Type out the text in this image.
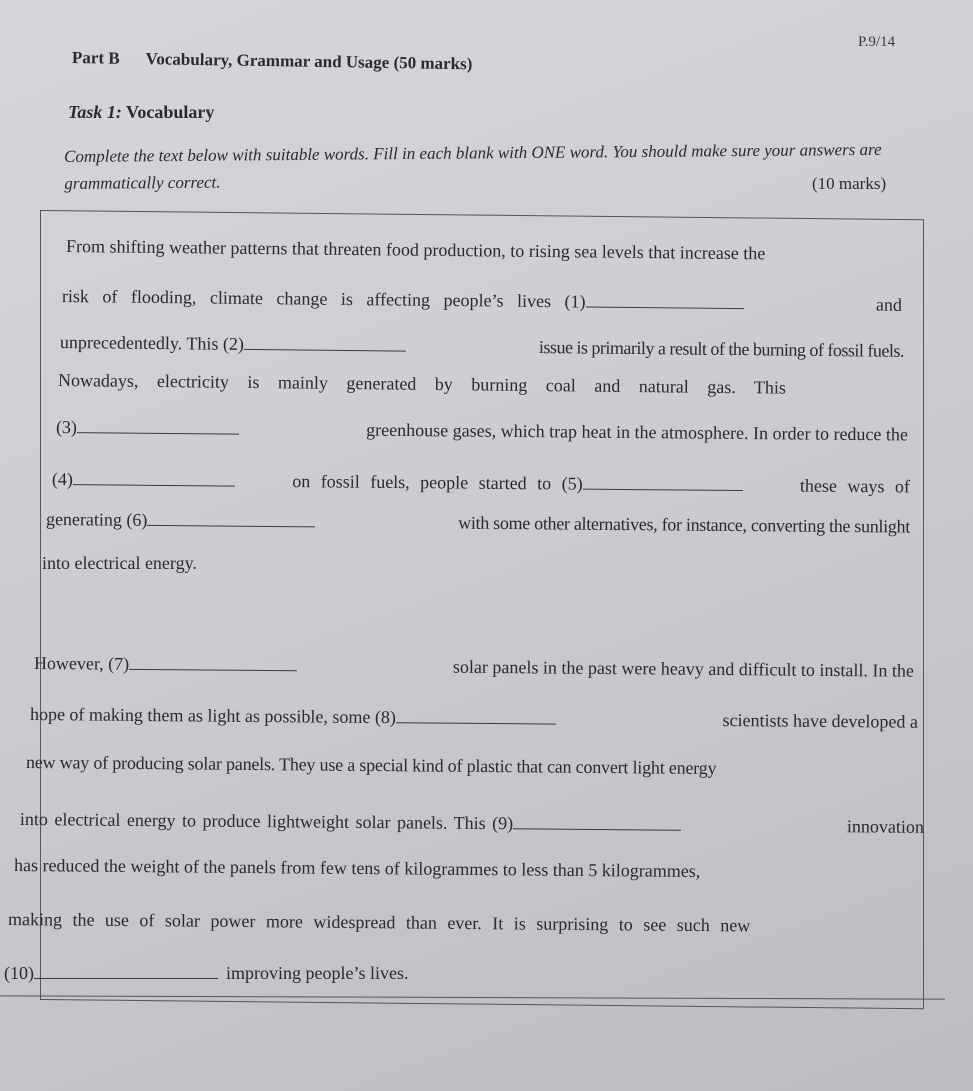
P.9/14
Part B Vocabulary, Grammar and Usage (50 marks)
Task 1: Vocabulary
Complete the text below with suitable words. Fill in each blank with ONE word. You should make sure your answers are grammatically correct.	(10 marks)
From shifting weather patterns that threaten food production, to rising sea levels that increase the
risk of flooding, climate change is affecting people’s lives (1)	and
unprecedentedly. This (2)	issue is primarily a result of the burning of fossil fuels.
Nowadays, electricity is mainly generated by burning coal and natural gas. This
(3)	greenhouse gases, which trap heat in the atmosphere. In order to reduce the
(4)	on fossil fuels, people started to (5)	these ways of
generating (6)	with some other alternatives, for instance, converting the sunlight
into electrical energy.
However, (7)	solar panels in the past were heavy and difficult to install. In the
hope of making them as light as possible, some (8)	scientists have developed a
new way of producing solar panels. They use a special kind of plastic that can convert light energy
into electrical energy to produce lightweight solar panels. This (9)	innovation
has reduced the weight of the panels from few tens of kilogrammes to less than 5 kilogrammes,
making the use of solar power more widespread than ever. It is surprising to see such new
(10)	improving people’s lives.
